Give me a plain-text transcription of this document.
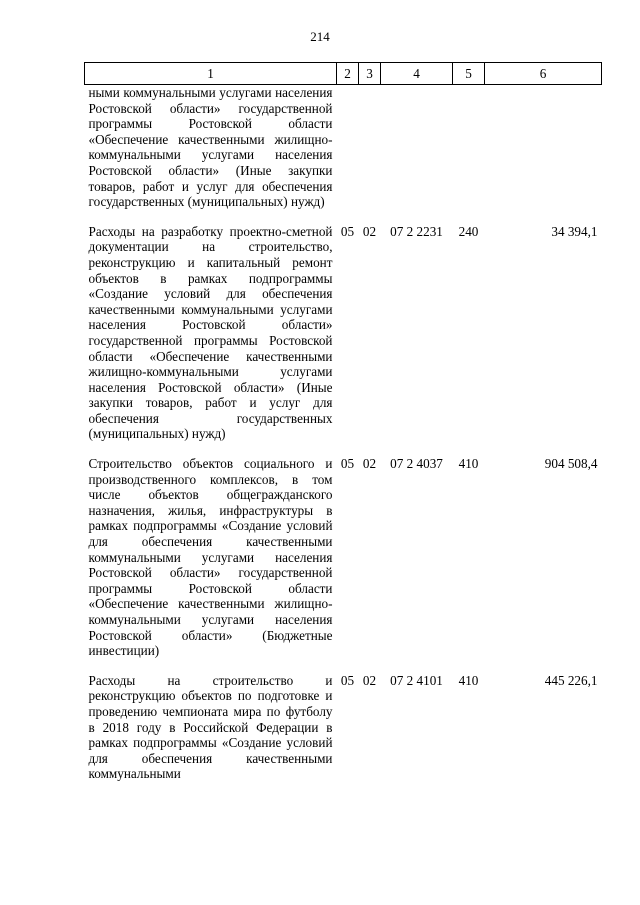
214
1	2	3	4	5	6
ными коммунальными услугами населения Ростовской области» государственной программы Ростовской области «Обеспечение качественными жилищно-коммунальными услугами населения Ростовской области» (Иные закупки товаров, работ и услуг для обеспечения государственных (муниципальных) нужд)					
Расходы на разработку проектно-сметной документации на строительство, реконструкцию и капитальный ремонт объектов в рамках подпрограммы «Создание условий для обеспечения качественными коммунальными услугами населения Ростовской области» государственной программы Ростовской области «Обеспечение качественными жилищно-коммунальными услугами населения Ростовской области» (Иные закупки товаров, работ и услуг для обеспечения государственных (муниципальных) нужд)	05	02	07 2 2231	240	34 394,1
Строительство объектов социального и производственного комплексов, в том числе объектов общегражданского назначения, жилья, инфраструктуры в рамках подпрограммы «Создание условий для обеспечения качественными коммунальными услугами населения Ростовской области» государственной программы Ростовской области «Обеспечение качественными жилищно-коммунальными услугами населения Ростовской области» (Бюджетные инвестиции)	05	02	07 2 4037	410	904 508,4
Расходы на строительство и реконструкцию объектов по подготовке и проведению чемпионата мира по футболу в 2018 году в Российской Федерации в рамках подпрограммы «Создание условий для обеспечения качественными коммунальными	05	02	07 2 4101	410	445 226,1
